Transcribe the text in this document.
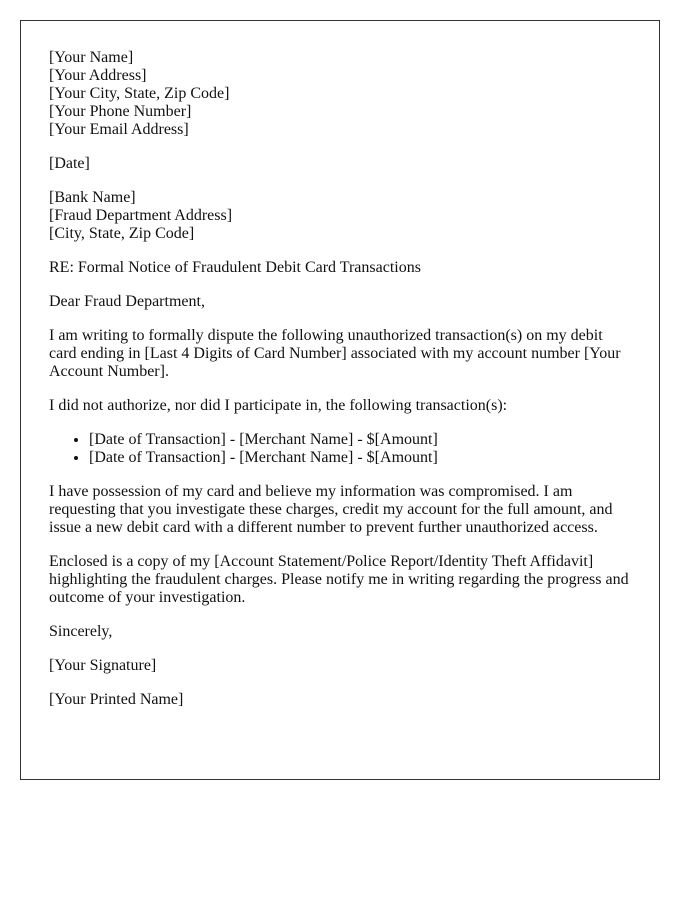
[Your Name]
[Your Address]
[Your City, State, Zip Code]
[Your Phone Number]
[Your Email Address]

[Date]

[Bank Name]
[Fraud Department Address]
[City, State, Zip Code]

RE: Formal Notice of Fraudulent Debit Card Transactions

Dear Fraud Department,

I am writing to formally dispute the following unauthorized transaction(s) on my debit card ending in [Last 4 Digits of Card Number] associated with my account number [Your Account Number].

I did not authorize, nor did I participate in, the following transaction(s):

• [Date of Transaction] - [Merchant Name] - $[Amount]
• [Date of Transaction] - [Merchant Name] - $[Amount]

I have possession of my card and believe my information was compromised. I am requesting that you investigate these charges, credit my account for the full amount, and issue a new debit card with a different number to prevent further unauthorized access.

Enclosed is a copy of my [Account Statement/Police Report/Identity Theft Affidavit] highlighting the fraudulent charges. Please notify me in writing regarding the progress and outcome of your investigation.

Sincerely,

[Your Signature]

[Your Printed Name]
